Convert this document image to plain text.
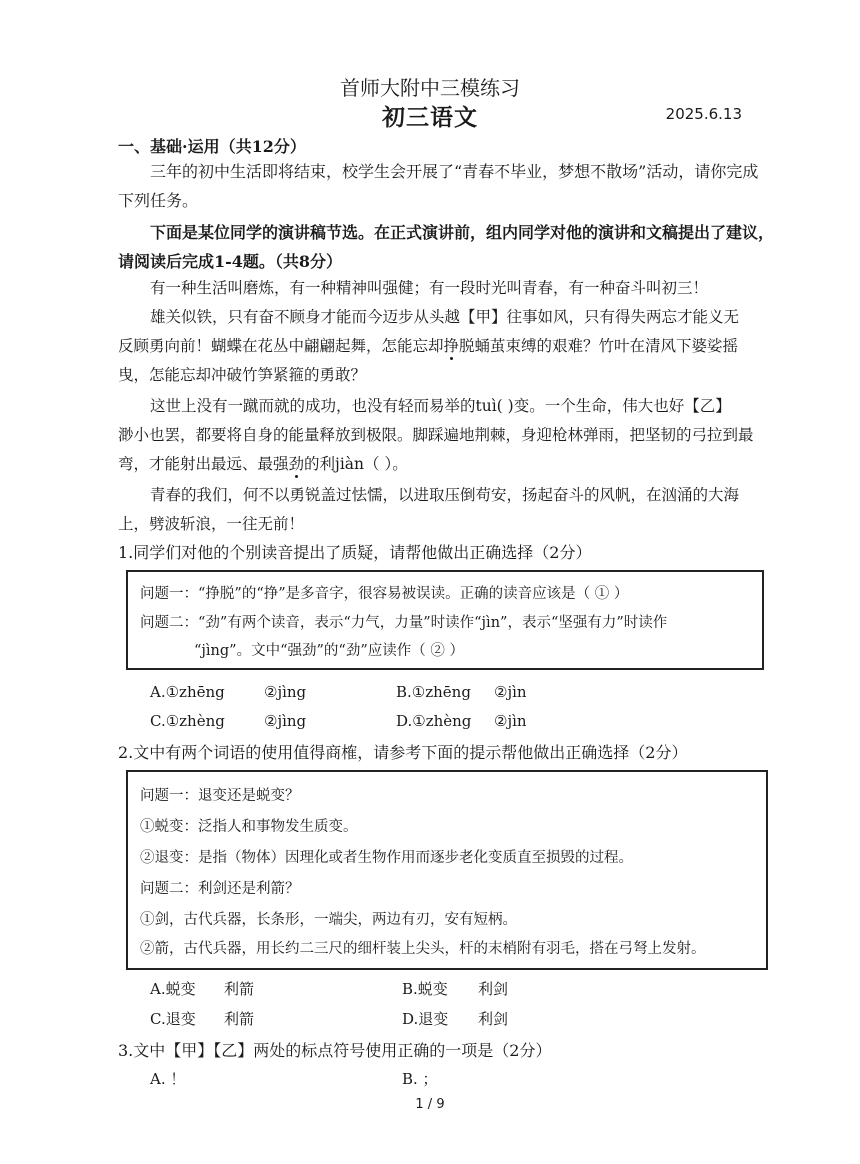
首师大附中三模练习
初三语文	2025.6.13
一、基础·运用（共12分）
三年的初中生活即将结束，校学生会开展了“青春不毕业，梦想不散场”活动，请你完成
下列任务。
下面是某位同学的演讲稿节选。在正式演讲前，组内同学对他的演讲和文稿提出了建议，
请阅读后完成1-4题。（共8分）
有一种生活叫磨炼，有一种精神叫强健；有一段时光叫青春，有一种奋斗叫初三！
雄关似铁，只有奋不顾身才能而今迈步从头越【甲】往事如风，只有得失两忘才能义无
反顾勇向前！蝴蝶在花丛中翩翩起舞，怎能忘却挣脱蛹茧束缚的艰难？竹叶在清风下婆娑摇
曳，怎能忘却冲破竹笋紧箍的勇敢？
这世上没有一蹴而就的成功，也没有轻而易举的tuì( )变。一个生命，伟大也好【乙】
渺小也罢，都要将自身的能量释放到极限。脚踩遍地荆棘，身迎枪林弹雨，把坚韧的弓拉到最
弯，才能射出最远、最强劲的利jiàn（ ）。
青春的我们，何不以勇锐盖过怯懦，以进取压倒苟安，扬起奋斗的风帆，在汹涌的大海
上，劈波斩浪，一往无前！
1.同学们对他的个别读音提出了质疑，请帮他做出正确选择（2分）
问题一：“挣脱”的“挣”是多音字，很容易被误读。正确的读音应该是（ ① ）
问题二：“劲”有两个读音，表示“力气，力量”时读作“jìn”，表示“坚强有力”时读作
“jìng”。文中“强劲”的“劲”应读作（ ② ）
A.①zhēng	②jìng	B.①zhēng ②jìn
C.①zhèng	②jìng	D.①zhèng ②jìn
2.文中有两个词语的使用值得商榷，请参考下面的提示帮他做出正确选择（2分）
问题一：退变还是蜕变？
①蜕变：泛指人和事物发生质变。
②退变：是指（物体）因理化或者生物作用而逐步老化变质直至损毁的过程。
问题二：利剑还是利箭？
①剑，古代兵器，长条形，一端尖，两边有刃，安有短柄。
②箭，古代兵器，用长约二三尺的细杆装上尖头，杆的末梢附有羽毛，搭在弓弩上发射。
A.蜕变 利箭	B.蜕变 利剑
C.退变 利箭	D.退变 利剑
3.文中【甲】【乙】两处的标点符号使用正确的一项是（2分）
A. ！	B. ；
1 / 9
